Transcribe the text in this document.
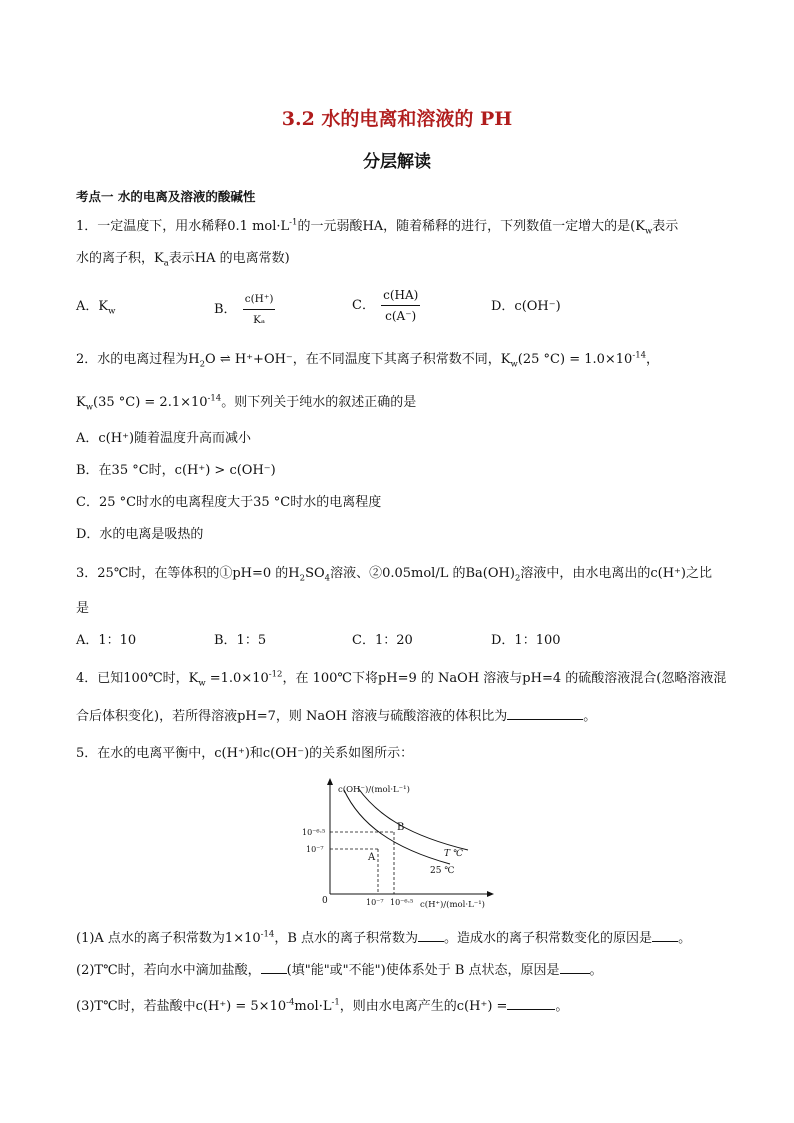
3.2 水的电离和溶液的 PH
分层解读
考点一 水的电离及溶液的酸碱性
1．一定温度下，用水稀释0.1 $mol\cdot L^{-1}$的一元弱酸HA，随着稀释的进行，下列数值一定增大的是($K_w$表示
水的离子积，$K_a$表示HA 的电离常数)
A．$K_w$	B． $\frac{c(H^+)}{\text{Kₐ}}$	C． $\frac{c(HA)}{c(A^-)}$	D．c(OH⁻)
2．水的电离过程为$H_2O$ ⇌ H⁺+OH⁻，在不同温度下其离子积常数不同，$K_w(25$ $^\circ C) = 1.0\times 10^{-14}$，
$K_w(35$ $^\circ C) = 2.1\times 10^{-14}$。则下列关于纯水的叙述正确的是
A．c(H⁺)随着温度升高而减小
B．在35 °C时，c(H⁺) > c(OH⁻)
C．25 °C时水的电离程度大于35 °C时水的电离程度
D．水的电离是吸热的
3．25℃时，在等体积的①pH=0 的$H_2SO_4$溶液、②0.05mol/L 的$Ba(OH)_2$溶液中，由水电离出的c(H⁺)之比
是
A．1：10	B．1：5	C．1：20	D．1：100
4．已知100℃时，$K_w =1.0\times 10^{-12}$，在 100℃下将pH=9 的 NaOH 溶液与pH=4 的硫酸溶液混合(忽略溶液混
合后体积变化)，若所得溶液pH=7，则 NaOH 溶液与硫酸溶液的体积比为	。
5．在水的电离平衡中，c(H⁺)和c(OH⁻)的关系如图所示：
c(OH⁻)/(mol·L⁻¹)
c(H⁺)/(mol·L⁻¹)
0
10⁻⁶·⁵
10⁻⁷
10⁻⁷ 10⁻⁶·⁵
A
B
T ℃
25 ℃
(1)A 点水的离子积常数为$1\times 10^{-14}$，B 点水的离子积常数为 。造成水的离子积常数变化的原因是 。
(2)T℃时，若向水中滴加盐酸， (填"能"或"不能")使体系处于 B 点状态，原因是 。
(3)T℃时，若盐酸中$c(H^+) = 5\times 10^{-4}mol\cdot L^{-1}$，则由水电离产生的c(H⁺) =	。
